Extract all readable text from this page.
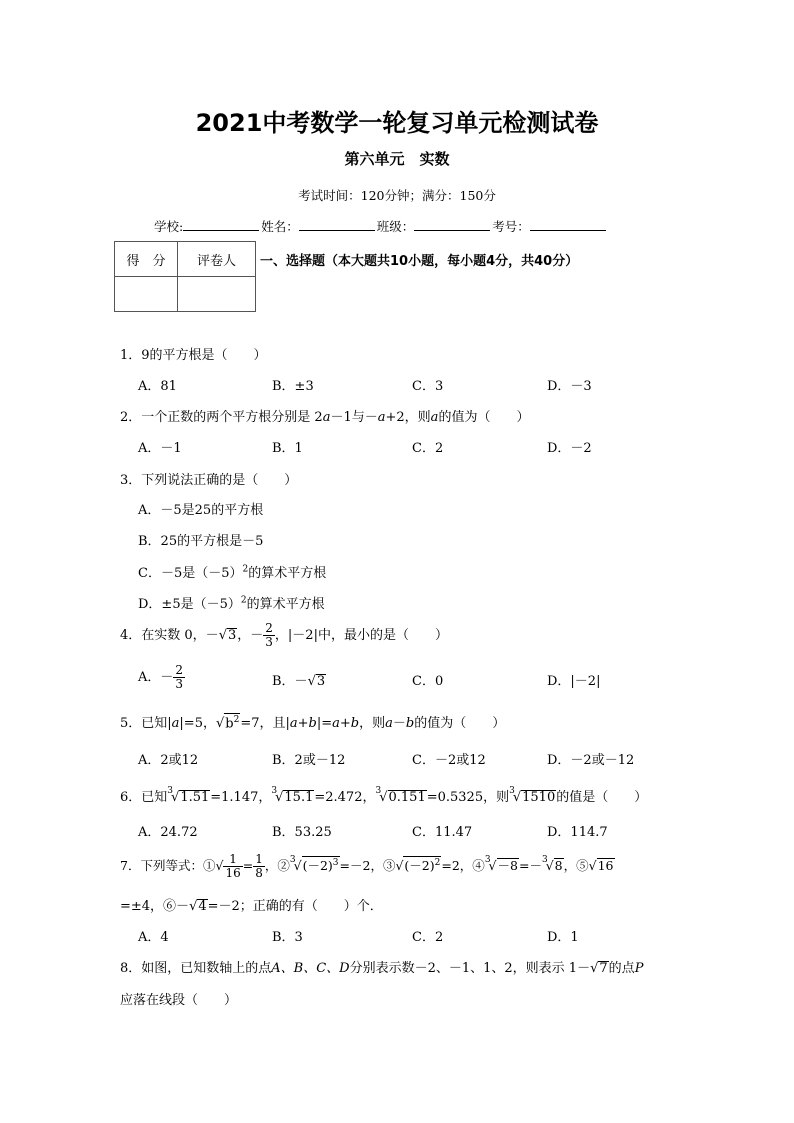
2021中考数学一轮复习单元检测试卷
第六单元　实数
考试时间：120分钟；满分：150分
学校:	姓名：	班级：	考号：
得　分	评卷人
	一、选择题（本大题共10小题，每小题4分，共40分）
1．9的平方根是（　　）
A．81	B．±3	C．3	D．－3
2．一个正数的两个平方根分别是 2a－1与－a+2，则a的值为（　　）
A．－1	B．1	C．2	D．－2
3．下列说法正确的是（　　）
A．－5是25的平方根
B．25的平方根是－5
C．－5是$(-5)^2$的算术平方根
D．±5是$(-5)^2$的算术平方根
4．在实数 0，－√3，－ $\frac{2}{3}$ ，|－2|中，最小的是（　　）
A．－ $\frac{2}{3}$	B．－√3	C．0	D．|－2|
5．已知|a|=5，$√b^2=7$，且|a+b|=a+b，则a－b的值为（　　）
A．2或12	B．2或－12	C．－2或12	D．－2或－12
6．已知$^3$√1.51=1.147，$^3$√15.1=2.472，$^3$√0.151=0.5325，则$^3$√1510的值是（　　）
A．24.72	B．53.25	C．11.47	D．114.7
7．下列等式：①√ $\frac{1}{16} = \frac{1}{8}$ ，$②^3√(-2)^3=-2$，$③√(-2)^2=2$，④$^3$√－8=－$^3$√8，⑤√16
=±4，⑥－√4=－2；正确的有（　　）个．
A．4	B．3	C．2	D．1
8．如图，已知数轴上的点A、B、C、D分别表示数－2、－1、1、2，则表示 1－√7的点P
应落在线段（　　）
